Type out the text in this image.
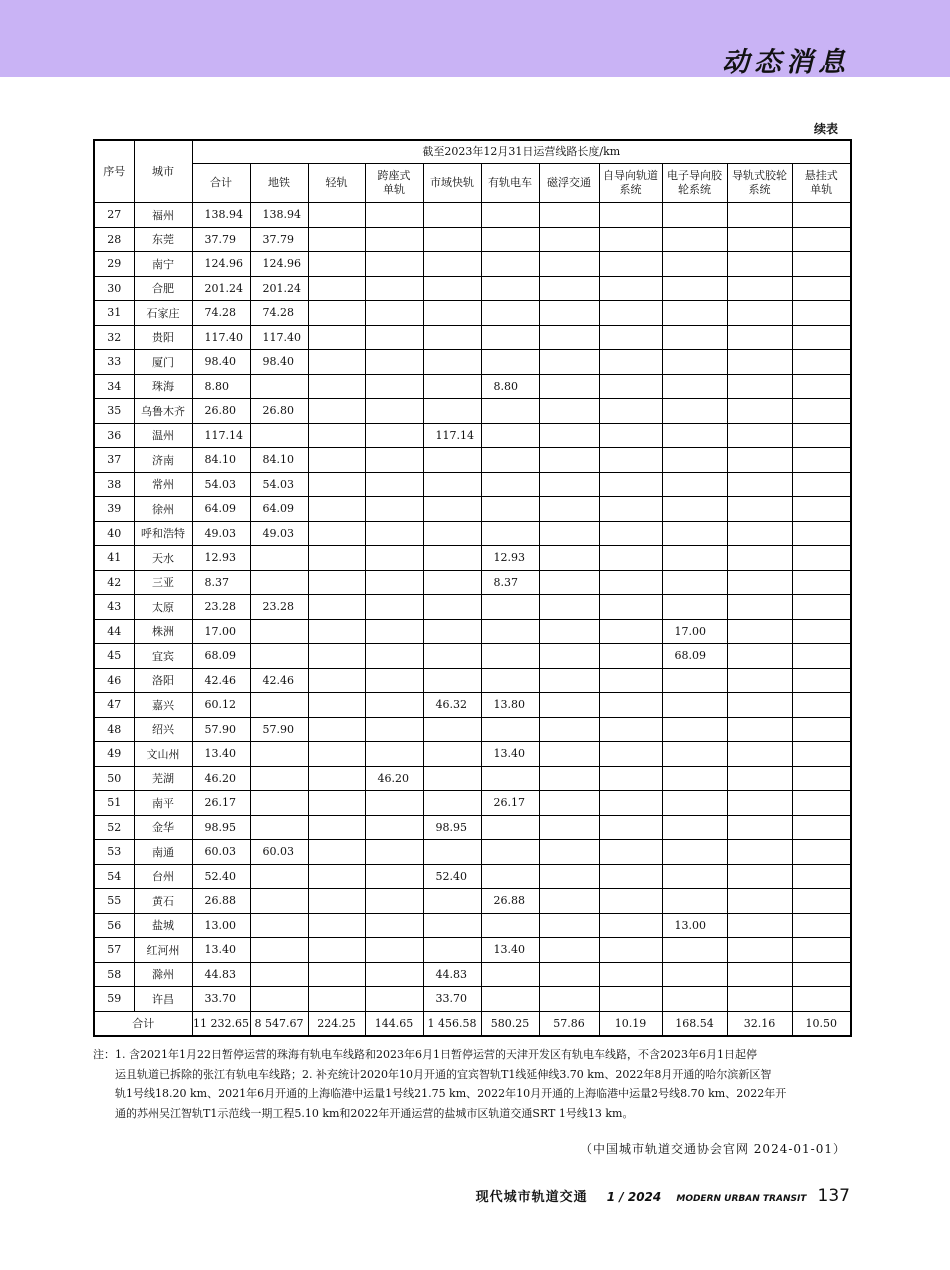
动态消息
续表
序号	城市	截至2023年12月31日运营线路长度/km										
		合计	地铁	轻轨	跨座式单轨	市域快轨	有轨电车	磁浮交通	自导向轨道系统	电子导向胶轮系统	导轨式胶轮系统	悬挂式单轨
27	福州	138.94	138.94									
28	东莞	37.79	37.79									
29	南宁	124.96	124.96									
30	合肥	201.24	201.24									
31	石家庄	74.28	74.28									
32	贵阳	117.40	117.40									
33	厦门	98.40	98.40									
34	珠海	8.80					8.80					
35	乌鲁木齐	26.80	26.80									
36	温州	117.14				117.14						
37	济南	84.10	84.10									
38	常州	54.03	54.03									
39	徐州	64.09	64.09									
40	呼和浩特	49.03	49.03									
41	天水	12.93					12.93					
42	三亚	8.37					8.37					
43	太原	23.28	23.28									
44	株洲	17.00								17.00		
45	宜宾	68.09								68.09		
46	洛阳	42.46	42.46									
47	嘉兴	60.12				46.32	13.80					
48	绍兴	57.90	57.90									
49	文山州	13.40					13.40					
50	芜湖	46.20			46.20							
51	南平	26.17					26.17					
52	金华	98.95				98.95						
53	南通	60.03	60.03									
54	台州	52.40				52.40						
55	黄石	26.88					26.88					
56	盐城	13.00								13.00		
57	红河州	13.40					13.40					
58	滁州	44.83				44.83						
59	许昌	33.70				33.70						
合计		11 232.65	8 547.67	224.25	144.65	1 456.58	580.25	57.86	10.19	168.54	32.16	10.50
注：1. 含2021年1月22日暂停运营的珠海有轨电车线路和2023年6月1日暂停运营的天津开发区有轨电车线路，不含2023年6月1日起停
运且轨道已拆除的张江有轨电车线路；2. 补充统计2020年10月开通的宜宾智轨T1线延伸线3.70 km、2022年8月开通的哈尔滨新区智
轨1号线18.20 km、2021年6月开通的上海临港中运量1号线21.75 km、2022年10月开通的上海临港中运量2号线8.70 km、2022年开
通的苏州吴江智轨T1示范线一期工程5.10 km和2022年开通运营的盐城市区轨道交通SRT 1号线13 km。
（中国城市轨道交通协会官网 2024-01-01）
现代城市轨道交通 1 / 2024 MODERN URBAN TRANSIT 137
